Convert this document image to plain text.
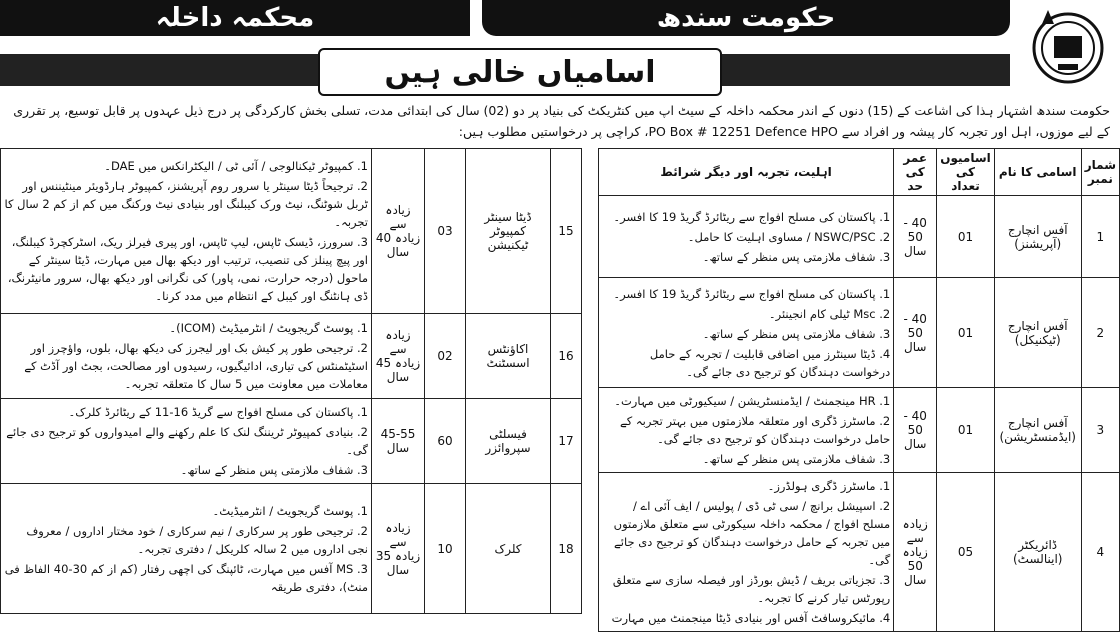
محکمہ داخلہ	حکومت سندھ
اسامیاں خالی ہیں
حکومت سندھ اشتہار ہذا کی اشاعت کے (15) دنوں کے اندر محکمہ داخلہ کے سیٹ اپ میں کنٹریکٹ کی بنیاد پر دو (02) سال کی ابتدائی مدت، تسلی بخش کارکردگی پر درج ذیل عہدوں پر قابل توسیع، پر تقرری کے لیے موزوں، اہل اور تجربہ کار پیشہ ور افراد سے PO Box # 12251 Defence HPO، کراچی پر درخواستیں مطلوب ہیں:
شمار نمبر	اسامی کا نام	اسامیوں کی تعداد	عمر کی حد	اہلیت، تجربہ اور دیگر شرائط
1	آفس انچارج (آپریشنز)	01	40 - 50 سال	1. پاکستان کی مسلح افواج سے ریٹائرڈ گریڈ 19 کا افسر۔
2. NSWC/PSC / مساوی اہلیت کا حامل۔
3. شفاف ملازمتی پس منظر کے ساتھ۔

2	آفس انچارج (ٹیکنیکل)	01	40 - 50 سال	1. پاکستان کی مسلح افواج سے ریٹائرڈ گریڈ 19 کا افسر۔
2. Msc ٹیلی کام انجینئر۔
3. شفاف ملازمتی پس منظر کے ساتھ۔
4. ڈیٹا سینٹرز میں اضافی قابلیت / تجربہ کے حامل درخواست دہندگان کو ترجیح دی جائے گی۔

3	آفس انچارج (ایڈمنسٹریشن)	01	40 - 50 سال	1. HR مینجمنٹ / ایڈمنسٹریشن / سیکیورٹی میں مہارت۔
2. ماسٹرز ڈگری اور متعلقہ ملازمتوں میں بہتر تجربہ کے حامل درخواست دہندگان کو ترجیح دی جائے گی۔
3. شفاف ملازمتی پس منظر کے ساتھ۔

4	ڈائریکٹر (اینالسٹ)	05	زیادہ سے زیادہ 50 سال	1. ماسٹرز ڈگری ہولڈرز۔
2. اسپیشل برانچ / سی ٹی ڈی / پولیس / ایف آئی اے / مسلح افواج / محکمہ داخلہ سیکورٹی سے متعلق ملازمتوں میں تجربہ کے حامل درخواست دہندگان کو ترجیح دی جائے گی۔
3. تجزیاتی بریف / ڈیش بورڈز اور فیصلہ سازی سے متعلق رپورٹس تیار کرنے کا تجربہ۔
4. مائیکروسافٹ آفس اور بنیادی ڈیٹا مینجمنٹ میں مہارت
15	ڈیٹا سینٹر کمپیوٹر ٹیکنیشن	03	زیادہ سے زیادہ 40 سال	1. کمپیوٹر ٹیکنالوجی / آئی ٹی / الیکٹرانکس میں DAE۔
2. ترجیحاً ڈیٹا سینٹر یا سرور روم آپریشنز، کمپیوٹر ہارڈویئر مینٹیننس اور ٹربل شوٹنگ، نیٹ ورک کیبلنگ اور بنیادی نیٹ ورکنگ میں کم از کم 2 سال کا تجربہ۔
3. سرورز، ڈیسک ٹاپس، لیپ ٹاپس، اور پیری فیرلز ریک، اسٹرکچرڈ کیبلنگ، اور پیچ پینلز کی تنصیب، ترتیب اور دیکھ بھال میں مہارت، ڈیٹا سینٹر کے ماحول (درجہ حرارت، نمی، پاور) کی نگرانی اور دیکھ بھال، سرور مانیٹرنگ، ڈی ہانٹنگ اور کیبل کے انتظام میں مدد کرنا۔

16	اکاؤنٹس اسسٹنٹ	02	زیادہ سے زیادہ 45 سال	1. پوسٹ گریجویٹ / انٹرمیڈیٹ (ICOM)۔
2. ترجیحی طور پر کیش بک اور لیجرز کی دیکھ بھال، بلوں، واؤچرز اور اسٹیٹمنٹس کی تیاری، ادائیگیوں، رسیدوں اور مصالحت، بجٹ اور آڈٹ کے معاملات میں معاونت میں 5 سال کا متعلقہ تجربہ۔

17	فیسلٹی سپروائزر	60	45-55 سال	1. پاکستان کی مسلح افواج سے گریڈ 16-11 کے ریٹائرڈ کلرک۔
2. بنیادی کمپیوٹر ٹریننگ لنک کا علم رکھنے والے امیدواروں کو ترجیح دی جائے گی۔
3. شفاف ملازمتی پس منظر کے ساتھ۔

18	کلرک	10	زیادہ سے زیادہ 35 سال	1. پوسٹ گریجویٹ / انٹرمیڈیٹ۔
2. ترجیحی طور پر سرکاری / نیم سرکاری / خود مختار اداروں / معروف نجی اداروں میں 2 سالہ کلریکل / دفتری تجربہ۔
3. MS آفس میں مہارت، ٹائپنگ کی اچھی رفتار (کم از کم 30-40 الفاظ فی منٹ)، دفتری طریقہ
